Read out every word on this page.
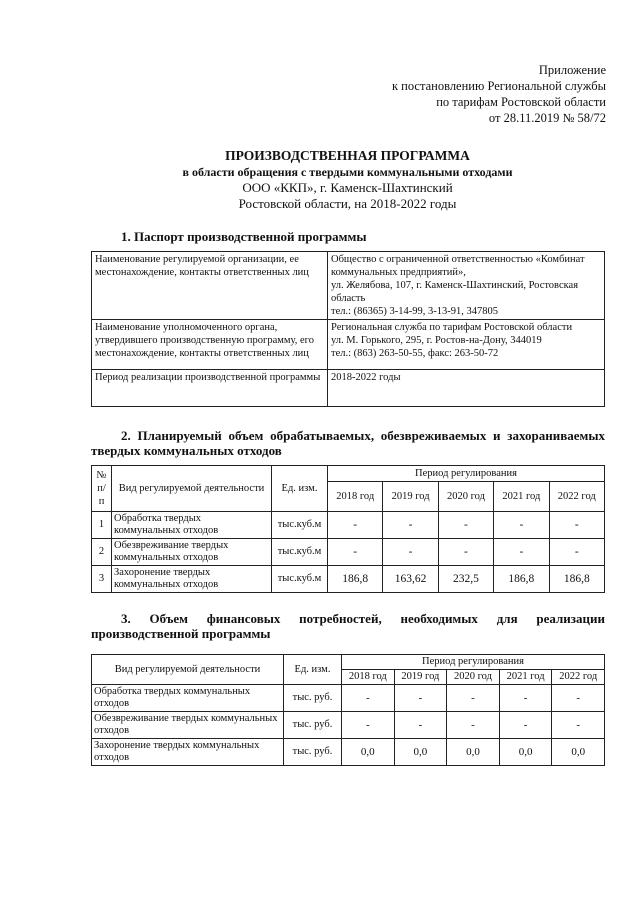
Приложение
к постановлению Региональной службы
по тарифам Ростовской области
от 28.11.2019 № 58/72
ПРОИЗВОДСТВЕННАЯ ПРОГРАММА
в области обращения с твердыми коммунальными отходами
ООО «ККП», г. Каменск-Шахтинский
Ростовской области, на 2018-2022 годы
1. Паспорт производственной программы
Наименование регулируемой организации, ее местонахождение, контакты ответственных лиц	Общество с ограниченной ответственностью «Комбинат коммунальных предприятий»,
ул. Желябова, 107, г. Каменск-Шахтинский, Ростовская область
тел.: (86365) 3-14-99, 3-13-91, 347805
Наименование уполномоченного органа, утвердившего производственную программу, его местонахождение, контакты ответственных лиц	Региональная служба по тарифам Ростовской области
ул. М. Горького, 295, г. Ростов-на-Дону, 344019
тел.: (863) 263-50-55, факс: 263-50-72
Период реализации производственной программы	2018-2022 годы
2. Планируемый объем обрабатываемых, обезвреживаемых и захораниваемых
твердых коммунальных отходов
№
п/
п	Вид регулируемой деятельности	Ед. изм.	Период регулирования				
			2018 год	2019 год	2020 год	2021 год	2022 год
1	Обработка твердых коммунальных отходов	тыс.куб.м	-	-	-	-	-
2	Обезвреживание твердых коммунальных отходов	тыс.куб.м	-	-	-	-	-
3	Захоронение твердых коммунальных отходов	тыс.куб.м	186,8	163,62	232,5	186,8	186,8
3. Объем финансовых потребностей, необходимых для реализации
производственной программы
Вид регулируемой деятельности	Ед. изм.	Период регулирования				
		2018 год	2019 год	2020 год	2021 год	2022 год
Обработка твердых коммунальных отходов	тыс. руб.	-	-	-	-	-
Обезвреживание твердых коммунальных отходов	тыс. руб.	-	-	-	-	-
Захоронение твердых коммунальных отходов	тыс. руб.	0,0	0,0	0,0	0,0	0,0
